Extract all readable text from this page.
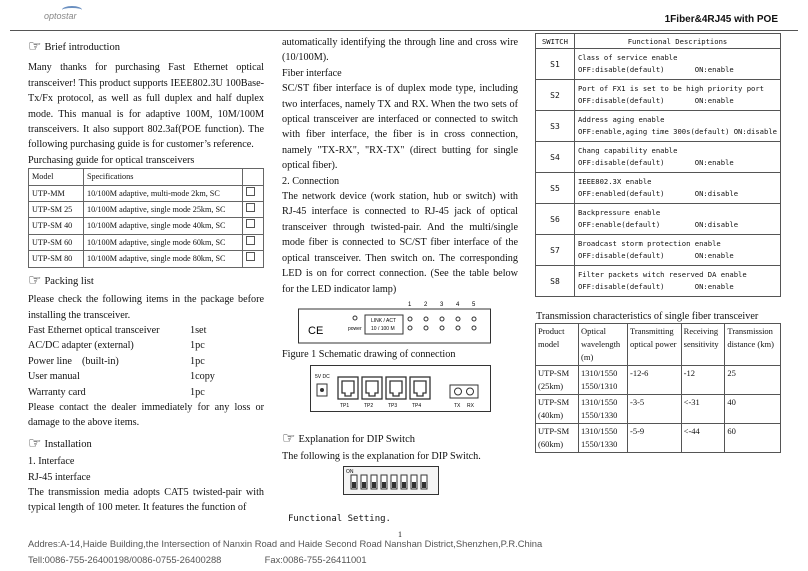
optostar	1Fiber&4RJ45 with POE
☞ Brief introduction

Many thanks for purchasing Fast Ethernet optical transceiver! This product supports IEEE802.3U 100Base-Tx/Fx protocol, as well as full duplex and half duplex mode. This manual is for adaptive 100M, 10M/100M transceivers. It also support 802.3af(POE function). The following purchasing guide is for customer’s reference.

Purchasing guide for optical transceivers
Model	Specifications	
UTP-MM	10/100M adaptive, multi-mode 2km, SC	
UTP-SM 25	10/100M adaptive, single mode 25km, SC	
UTP-SM 40	10/100M adaptive, single mode 40km, SC	
UTP-SM 60	10/100M adaptive, single mode 60km, SC	
UTP-SM 80	10/100M adaptive, single mode 80km, SC	
☞ Packing list

Please check the following items in the package before installing the transceiver.

Fast Ethernet optical transceiver	1set
AC/DC adapter (external)	1pc
Power line    (built-in)	1pc
User manual	1copy
Warranty card	1pc

Please contact the dealer immediately for any loss or damage to the above items.

☞ Installation
1. Interface
RJ-45 interface

The transmission media adopts CAT5 twisted-pair with typical length of 100 meter. It features the function of

automatically identifying the through line and cross wire (10/100M).

Fiber interface

SC/ST fiber interface is of duplex mode type, including two interfaces, namely TX and RX. When the two sets of optical transceiver are interfaced or connected to switch with fiber interface, the fiber is in cross connection, namely "TX-RX", "RX-TX" (direct butting for single optical fiber).

2. Connection

The network device (work station, hub or switch) with RJ-45 interface is connected to RJ-45 jack of optical transceiver through twisted-pair. And the multi/single mode fiber is connected to SC/ST fiber interface of the optical transceiver. Then switch on. The corresponding LED is on for correct connection. (See the table below for the LED indicator lamp)

1 2 3 4 5
CE	power
LINK / ACT
10 / 100 M
Figure 1 Schematic drawing of connection
5V DC
TP1	TP2	TP3	TP4	TX RX
☞ Explanation for DIP Switch
The following is the explanation for DIP Switch.
ON
Functional Setting.
SWITCH	Functional Descriptions
S1	Class of service enable
OFF:disable(default)       ON:enable

S2	Port of FX1 is set to be high priority port
OFF:disable(default)       ON:enable

S3	Address aging enable
OFF:enable,aging time 300s(default) ON:disable

S4	Chang capability enable
OFF:disable(default)       ON:enable

S5	IEEE802.3X enable
OFF:enabled(default)       ON:disable

S6	Backpressure enable
OFF:enable(default)        ON:disable

S7	Broadcast storm protection enable
OFF:disable(default)       ON:enable

S8	Filter packets witch reserved DA enable
OFF:disable(default)       ON:enable
Transmission characteristics of single fiber transceiver
Product model	Optical wavelength (m)	Transmitting optical power	Receiving sensitivity	Transmission distance (km)
UTP-SM (25km)	1310/1550 1550/1310	-12-6	-12	25
UTP-SM (40km)	1310/1550 1550/1330	-3-5	<-31	40
UTP-SM (60km)	1310/1550 1550/1330	-5-9	<-44	60
1
Addres:A-14,Haide Building,the Intersection of Nanxin Road and Haide Second Road Nanshan District,Shenzhen,P.R.China
Tell:0086-755-26400198/0086-0755-26400288	Fax:0086-755-26411001
